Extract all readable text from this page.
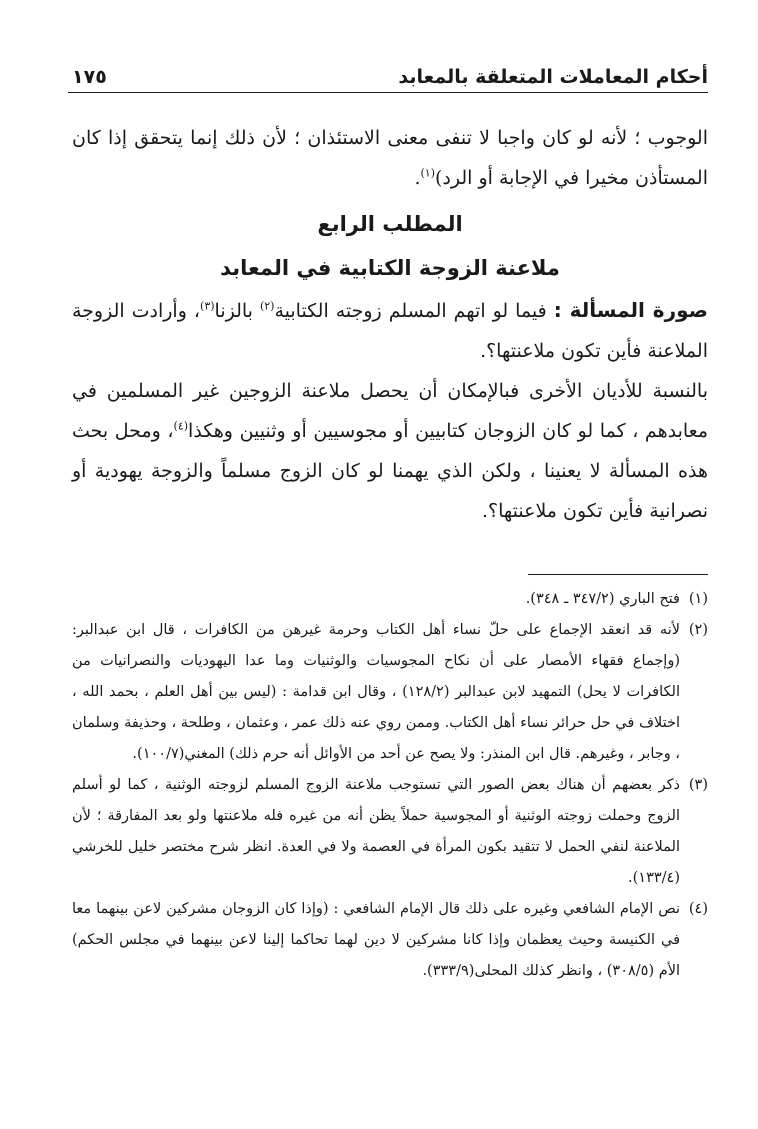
أحكام المعاملات المتعلقة بالمعابد
١٧٥

الوجوب ؛ لأنه لو كان واجبا لا تنفى معنى الاستئذان ؛ لأن ذلك إنما يتحقق إذا كان المستأذن مخيرا في الإجابة أو الرد)$^{(١)}$.

المطلب الرابع

ملاعنة الزوجة الكتابية في المعابد

صورة المسألة : فيما لو اتهم المسلم زوجته الكتابية$^{(٢)}$ بالزنا$^{(٣)}$، وأرادت الزوجة الملاعنة فأين تكون ملاعنتها؟.

بالنسبة للأديان الأخرى فبالإمكان أن يحصل ملاعنة الزوجين غير المسلمين في معابدهم ، كما لو كان الزوجان كتابيين أو مجوسيين أو وثنيين وهكذا$^{(٤)}$، ومحل بحث هذه المسألة لا يعنينا ، ولكن الذي يهمنا لو كان الزوج مسلماً والزوجة يهودية أو نصرانية فأين تكون ملاعنتها؟.

(١)
فتح الباري (٣٤٧/٢ ـ ٣٤٨).

(٢)
لأنه قد انعقد الإجماع على حلّ نساء أهل الكتاب وحرمة غيرهن من الكافرات ، قال ابن عبدالبر: (وإجماع فقهاء الأمصار على أن نكاح المجوسيات والوثنيات وما عدا اليهوديات والنصرانيات من الكافرات لا يحل) التمهيد لابن عبدالبر (١٢٨/٢) ، وقال ابن قدامة : (ليس بين أهل العلم ، بحمد الله ، اختلاف في حل حرائر نساء أهل الكتاب. وممن روي عنه ذلك عمر ، وعثمان ، وطلحة ، وحذيفة وسلمان ، وجابر ، وغيرهم. قال ابن المنذر: ولا يصح عن أحد من الأوائل أنه حرم ذلك) المغني(١٠٠/٧).

(٣)
ذكر بعضهم أن هناك بعض الصور التي تستوجب ملاعنة الزوج المسلم لزوجته الوثنية ، كما لو أسلم الزوج وحملت زوجته الوثنية أو المجوسية حملاً يظن أنه من غيره فله ملاعنتها ولو بعد المفارقة ؛ لأن الملاعنة لنفي الحمل لا تتقيد بكون المرأة في العصمة ولا في العدة. انظر شرح مختصر خليل للخرشي (١٣٣/٤).

(٤)
نص الإمام الشافعي وغيره على ذلك قال الإمام الشافعي : (وإذا كان الزوجان مشركين لاعن بينهما معا في الكنيسة وحيث يعظمان وإذا كانا مشركين لا دين لهما تحاكما إلينا لاعن بينهما في مجلس الحكم) الأم (٣٠٨/٥) ، وانظر كذلك المحلى(٣٣٣/٩).
